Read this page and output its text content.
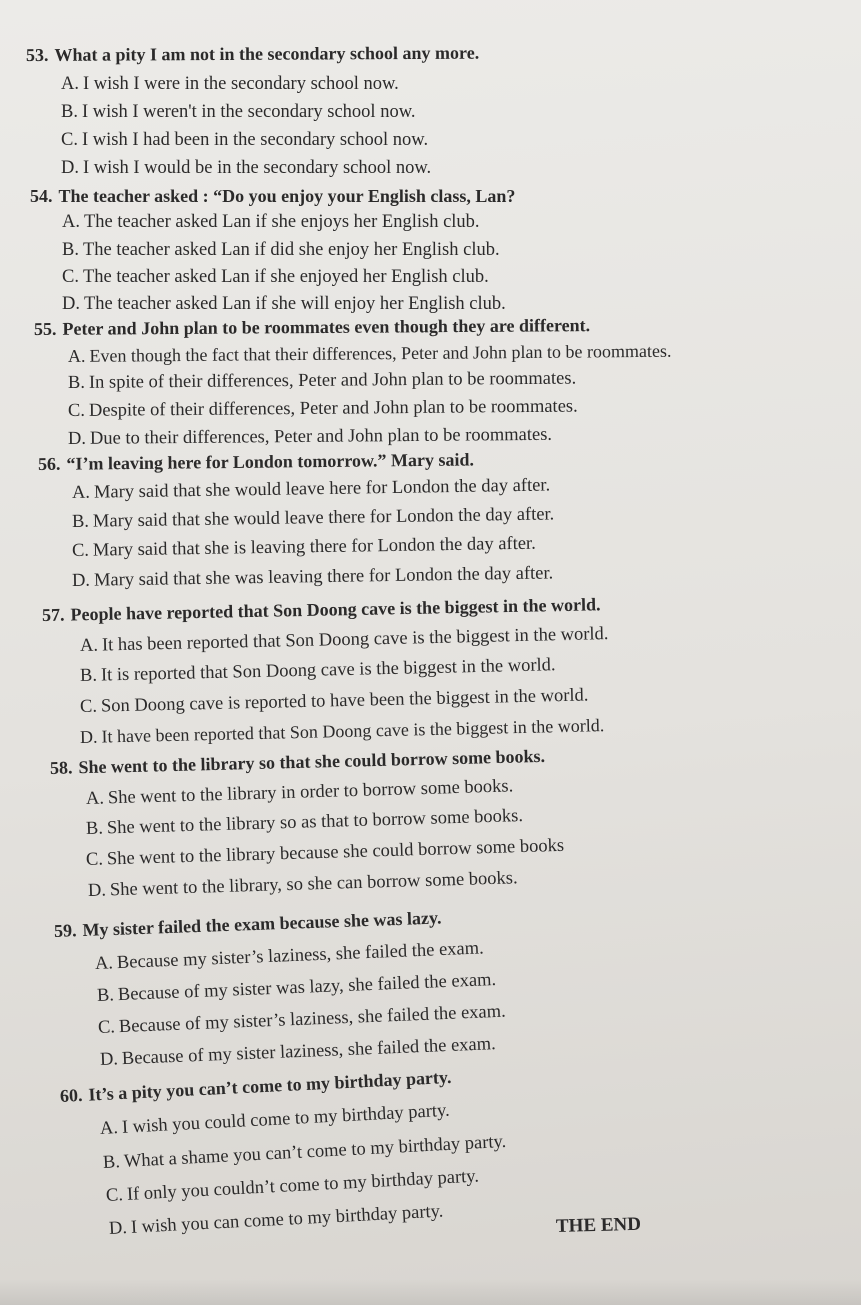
53. What a pity I am not in the secondary school any more.
A. I wish I were in the secondary school now.
B. I wish I weren't in the secondary school now.
C. I wish I had been in the secondary school now.
D. I wish I would be in the secondary school now.
54. The teacher asked : “Do you enjoy your English class, Lan?
A. The teacher asked Lan if she enjoys her English club.
B. The teacher asked Lan if did she enjoy her English club.
C. The teacher asked Lan if she enjoyed her English club.
D. The teacher asked Lan if she will enjoy her English club.
55. Peter and John plan to be roommates even though they are different.
A. Even though the fact that their differences, Peter and John plan to be roommates.
B. In spite of their differences, Peter and John plan to be roommates.
C. Despite of their differences, Peter and John plan to be roommates.
D. Due to their differences, Peter and John plan to be roommates.
56. “I’m leaving here for London tomorrow.” Mary said.
A. Mary said that she would leave here for London the day after.
B. Mary said that she would leave there for London the day after.
C. Mary said that she is leaving there for London the day after.
D. Mary said that she was leaving there for London the day after.
57. People have reported that Son Doong cave is the biggest in the world.
A. It has been reported that Son Doong cave is the biggest in the world.
B. It is reported that Son Doong cave is the biggest in the world.
C. Son Doong cave is reported to have been the biggest in the world.
D. It have been reported that Son Doong cave is the biggest in the world.
58. She went to the library so that she could borrow some books.
A. She went to the library in order to borrow some books.
B. She went to the library so as that to borrow some books.
C. She went to the library because she could borrow some books
D. She went to the library, so she can borrow some books.
59. My sister failed the exam because she was lazy.
A. Because my sister’s laziness, she failed the exam.
B. Because of my sister was lazy, she failed the exam.
C. Because of my sister’s laziness, she failed the exam.
D. Because of my sister laziness, she failed the exam.
60. It’s a pity you can’t come to my birthday party.
A. I wish you could come to my birthday party.
B. What a shame you can’t come to my birthday party.
C. If only you couldn’t come to my birthday party.
D. I wish you can come to my birthday party.	THE END
